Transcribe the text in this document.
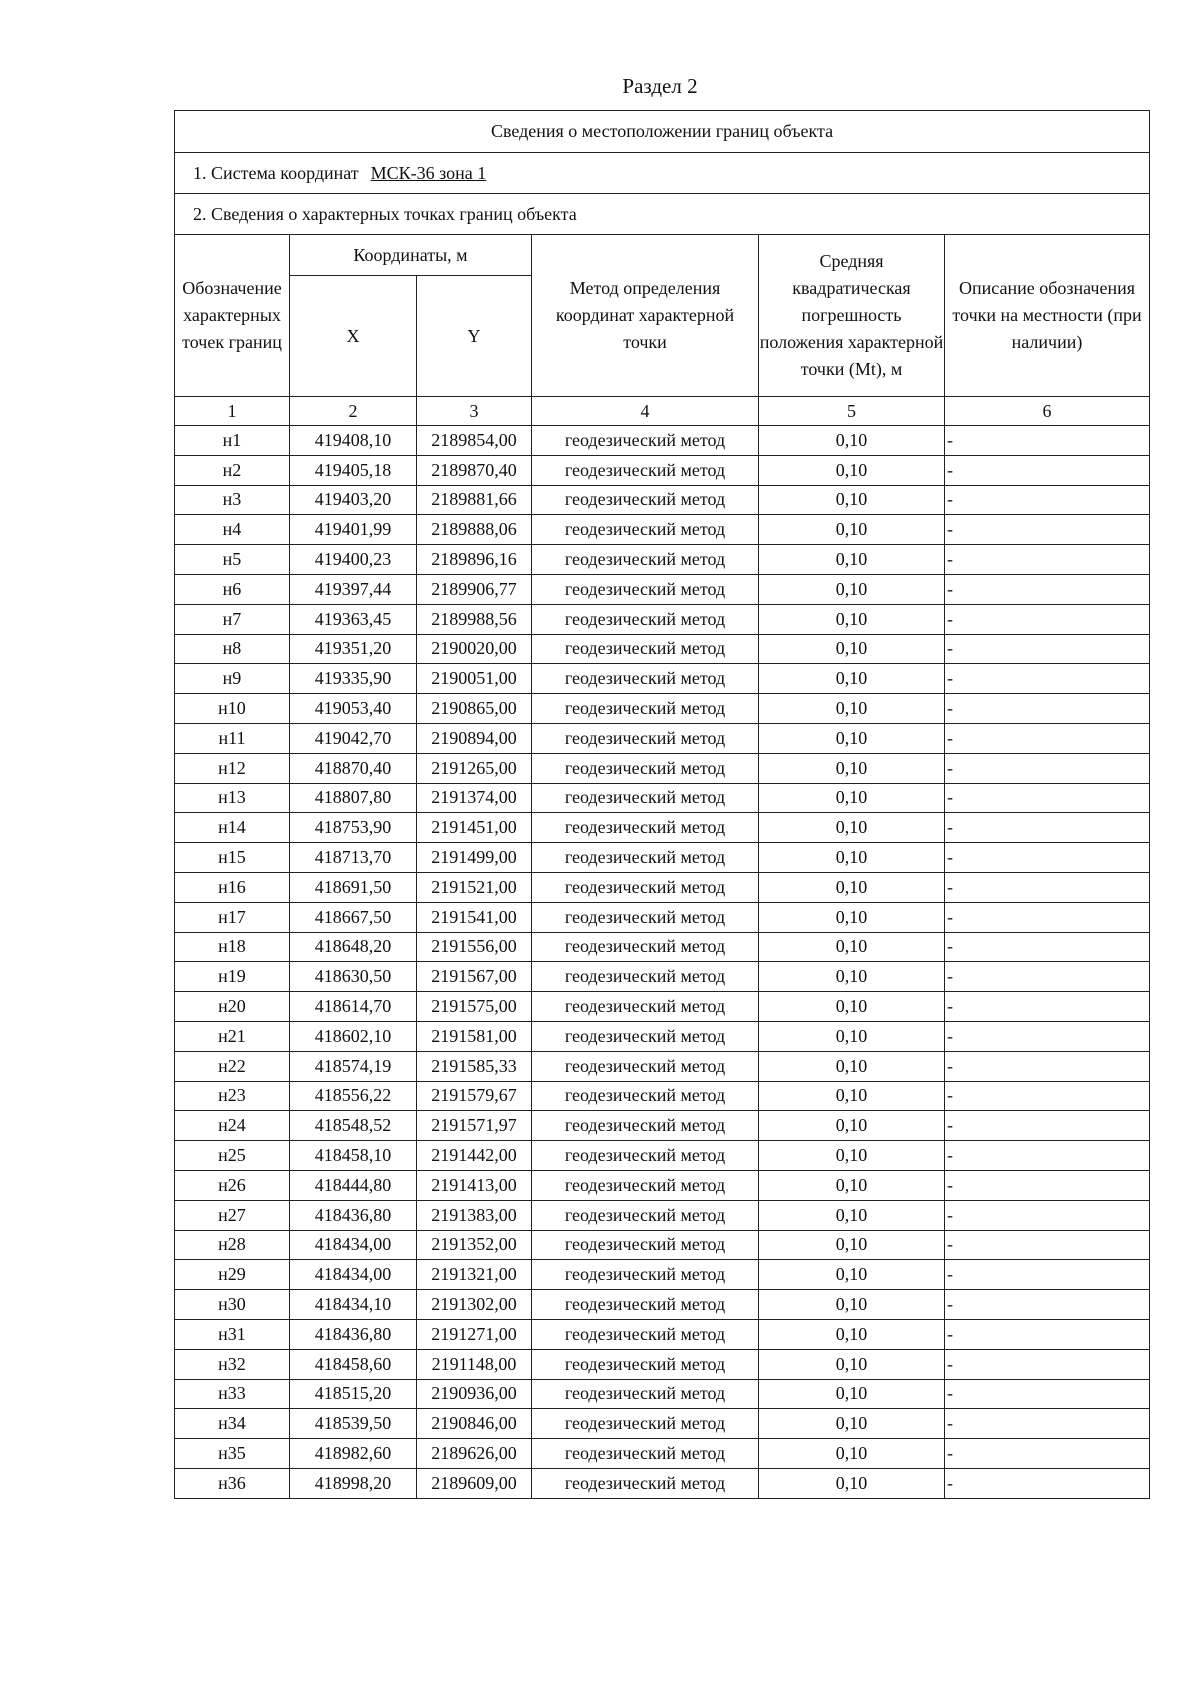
Раздел 2
Сведения о местоположении границ объекта					
1. Система координат МСК-36 зона 1					
2. Сведения о характерных точках границ объекта					
Обозначение характерных точек границ	Координаты, м		Метод определения координат характерной точки	Средняя квадратическая погрешность положения характерной точки (Mt), м	Описание обозначения точки на местности (при наличии)
	X	Y			
1	2	3	4	5	6
н1	419408,10	2189854,00	геодезический метод	0,10	-
н2	419405,18	2189870,40	геодезический метод	0,10	-
н3	419403,20	2189881,66	геодезический метод	0,10	-
н4	419401,99	2189888,06	геодезический метод	0,10	-
н5	419400,23	2189896,16	геодезический метод	0,10	-
н6	419397,44	2189906,77	геодезический метод	0,10	-
н7	419363,45	2189988,56	геодезический метод	0,10	-
н8	419351,20	2190020,00	геодезический метод	0,10	-
н9	419335,90	2190051,00	геодезический метод	0,10	-
н10	419053,40	2190865,00	геодезический метод	0,10	-
н11	419042,70	2190894,00	геодезический метод	0,10	-
н12	418870,40	2191265,00	геодезический метод	0,10	-
н13	418807,80	2191374,00	геодезический метод	0,10	-
н14	418753,90	2191451,00	геодезический метод	0,10	-
н15	418713,70	2191499,00	геодезический метод	0,10	-
н16	418691,50	2191521,00	геодезический метод	0,10	-
н17	418667,50	2191541,00	геодезический метод	0,10	-
н18	418648,20	2191556,00	геодезический метод	0,10	-
н19	418630,50	2191567,00	геодезический метод	0,10	-
н20	418614,70	2191575,00	геодезический метод	0,10	-
н21	418602,10	2191581,00	геодезический метод	0,10	-
н22	418574,19	2191585,33	геодезический метод	0,10	-
н23	418556,22	2191579,67	геодезический метод	0,10	-
н24	418548,52	2191571,97	геодезический метод	0,10	-
н25	418458,10	2191442,00	геодезический метод	0,10	-
н26	418444,80	2191413,00	геодезический метод	0,10	-
н27	418436,80	2191383,00	геодезический метод	0,10	-
н28	418434,00	2191352,00	геодезический метод	0,10	-
н29	418434,00	2191321,00	геодезический метод	0,10	-
н30	418434,10	2191302,00	геодезический метод	0,10	-
н31	418436,80	2191271,00	геодезический метод	0,10	-
н32	418458,60	2191148,00	геодезический метод	0,10	-
н33	418515,20	2190936,00	геодезический метод	0,10	-
н34	418539,50	2190846,00	геодезический метод	0,10	-
н35	418982,60	2189626,00	геодезический метод	0,10	-
н36	418998,20	2189609,00	геодезический метод	0,10	-
